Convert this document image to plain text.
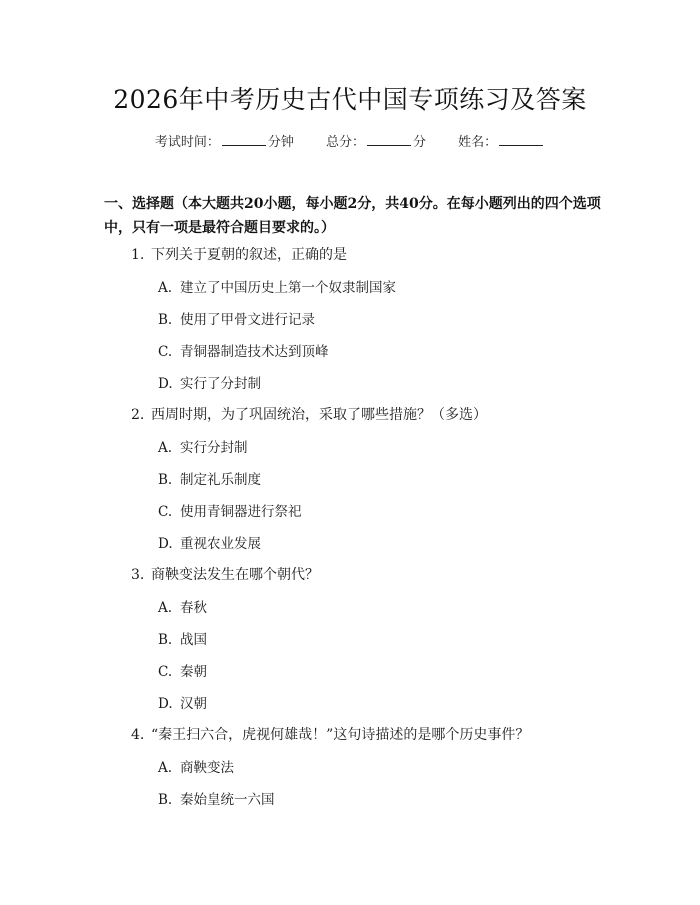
2026年中考历史古代中国专项练习及答案
考试时间：	分钟 总分：	分 姓名：
一、选择题（本大题共20小题，每小题2分，共40分。在每小题列出的四个选项中，只有一项是最符合题目要求的。）
1. 下列关于夏朝的叙述，正确的是
A. 建立了中国历史上第一个奴隶制国家
B. 使用了甲骨文进行记录
C. 青铜器制造技术达到顶峰
D. 实行了分封制
2. 西周时期，为了巩固统治，采取了哪些措施？（多选）
A. 实行分封制
B. 制定礼乐制度
C. 使用青铜器进行祭祀
D. 重视农业发展
3. 商鞅变法发生在哪个朝代？
A. 春秋
B. 战国
C. 秦朝
D. 汉朝
4. “秦王扫六合，虎视何雄哉！”这句诗描述的是哪个历史事件？
A. 商鞅变法
B. 秦始皇统一六国
